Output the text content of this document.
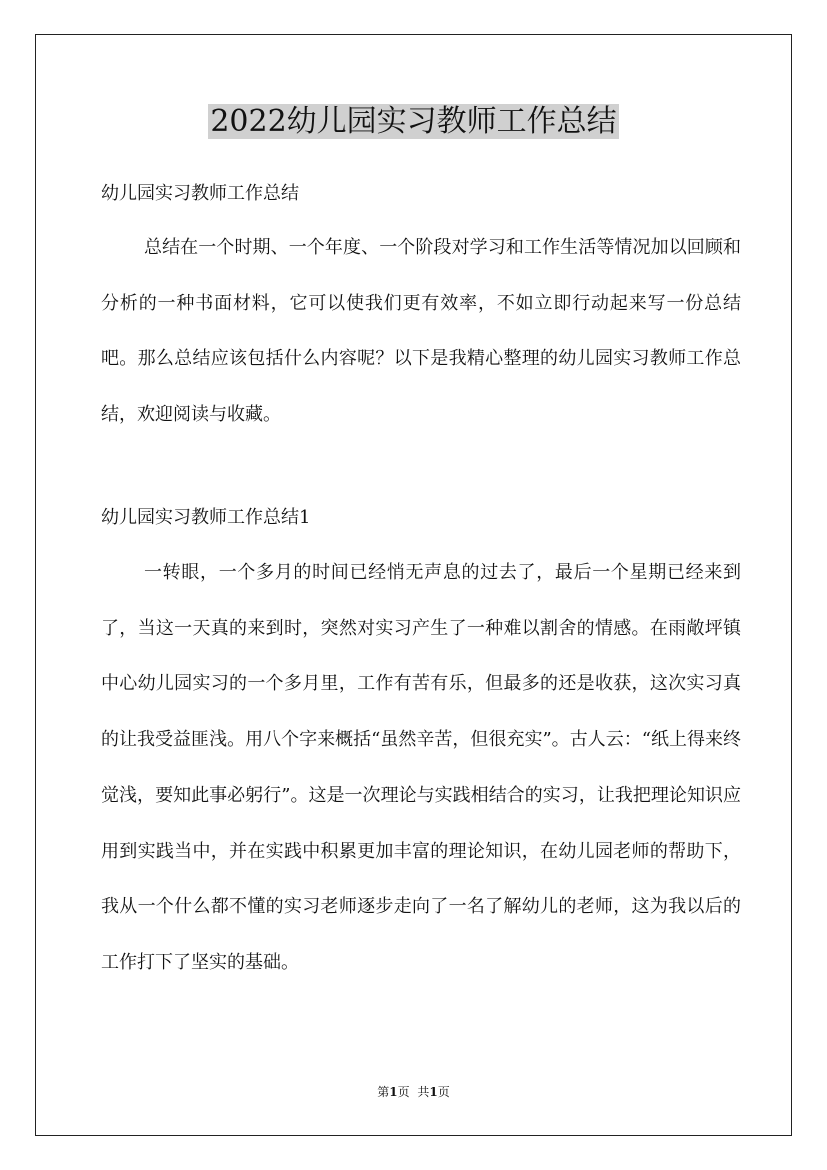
2022幼儿园实习教师工作总结
幼儿园实习教师工作总结

总结在一个时期、一个年度、一个阶段对学习和工作生活等情况加以回顾和分析的一种书面材料，它可以使我们更有效率，不如立即行动起来写一份总结吧。那么总结应该包括什么内容呢？以下是我精心整理的幼儿园实习教师工作总结，欢迎阅读与收藏。

幼儿园实习教师工作总结1

一转眼，一个多月的时间已经悄无声息的过去了，最后一个星期已经来到了，当这一天真的来到时，突然对实习产生了一种难以割舍的情感。在雨敞坪镇中心幼儿园实习的一个多月里，工作有苦有乐，但最多的还是收获，这次实习真的让我受益匪浅。用八个字来概括“虽然辛苦，但很充实”。古人云：“纸上得来终觉浅，要知此事必躬行”。这是一次理论与实践相结合的实习，让我把理论知识应用到实践当中，并在实践中积累更加丰富的理论知识，在幼儿园老师的帮助下，我从一个什么都不懂的实习老师逐步走向了一名了解幼儿的老师，这为我以后的工作打下了坚实的基础。

第1页 共1页
